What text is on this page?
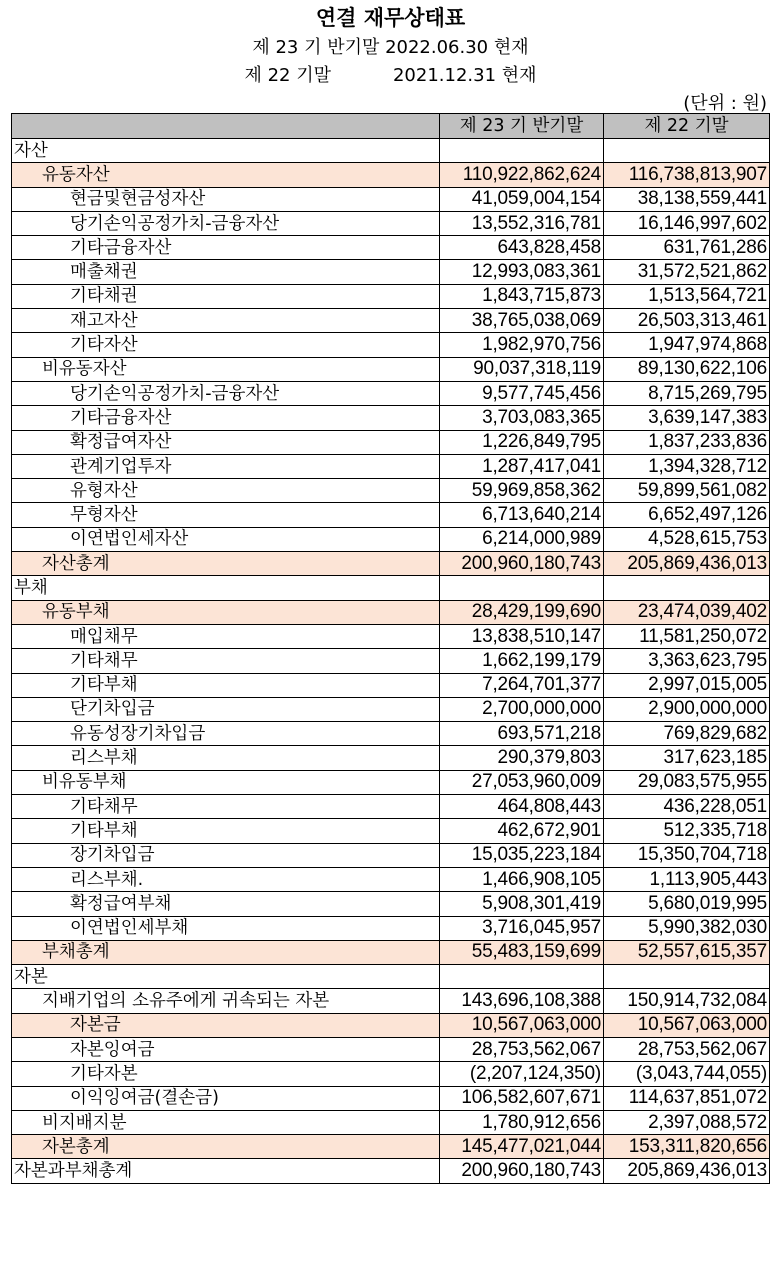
연결 재무상태표
제 23 기 반기말 2022.06.30 현재
제 22 기말	2021.12.31 현재
(단위 : 원)
	제 23 기 반기말	제 22 기말
자산		
유동자산	110,922,862,624	116,738,813,907
현금및현금성자산	41,059,004,154	38,138,559,441
당기손익공정가치-금융자산	13,552,316,781	16,146,997,602
기타금융자산	643,828,458	631,761,286
매출채권	12,993,083,361	31,572,521,862
기타채권	1,843,715,873	1,513,564,721
재고자산	38,765,038,069	26,503,313,461
기타자산	1,982,970,756	1,947,974,868
비유동자산	90,037,318,119	89,130,622,106
당기손익공정가치-금융자산	9,577,745,456	8,715,269,795
기타금융자산	3,703,083,365	3,639,147,383
확정급여자산	1,226,849,795	1,837,233,836
관계기업투자	1,287,417,041	1,394,328,712
유형자산	59,969,858,362	59,899,561,082
무형자산	6,713,640,214	6,652,497,126
이연법인세자산	6,214,000,989	4,528,615,753
자산총계	200,960,180,743	205,869,436,013
부채		
유동부채	28,429,199,690	23,474,039,402
매입채무	13,838,510,147	11,581,250,072
기타채무	1,662,199,179	3,363,623,795
기타부채	7,264,701,377	2,997,015,005
단기차입금	2,700,000,000	2,900,000,000
유동성장기차입금	693,571,218	769,829,682
리스부채	290,379,803	317,623,185
비유동부채	27,053,960,009	29,083,575,955
기타채무	464,808,443	436,228,051
기타부채	462,672,901	512,335,718
장기차입금	15,035,223,184	15,350,704,718
리스부채.	1,466,908,105	1,113,905,443
확정급여부채	5,908,301,419	5,680,019,995
이연법인세부채	3,716,045,957	5,990,382,030
부채총계	55,483,159,699	52,557,615,357
자본		
지배기업의 소유주에게 귀속되는 자본	143,696,108,388	150,914,732,084
자본금	10,567,063,000	10,567,063,000
자본잉여금	28,753,562,067	28,753,562,067
기타자본	(2,207,124,350)	(3,043,744,055)
이익잉여금(결손금)	106,582,607,671	114,637,851,072
비지배지분	1,780,912,656	2,397,088,572
자본총계	145,477,021,044	153,311,820,656
자본과부채총계	200,960,180,743	205,869,436,013
